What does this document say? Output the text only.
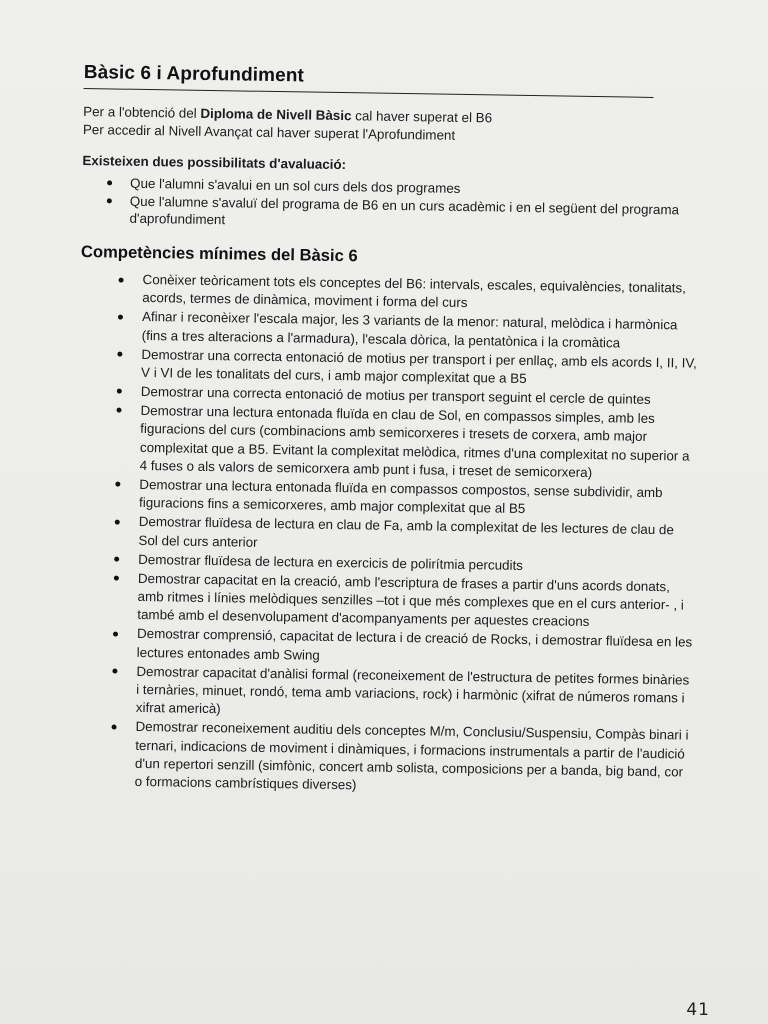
Bàsic 6 i Aprofundiment

Per a l'obtenció del Diploma de Nivell Bàsic cal haver superat el B6

Per accedir al Nivell Avançat cal haver superat l'Aprofundiment

Existeixen dues possibilitats d'avaluació:
Que l'alumni s'avalui en un sol curs dels dos programes
Que l'alumne s'avaluï del programa de B6 en un curs acadèmic i en el següent del programa d'aprofundiment
Competències mínimes del Bàsic 6
Conèixer teòricament tots els conceptes del B6: intervals, escales, equivalències, tonalitats, acords, termes de dinàmica, moviment i forma del curs
Afinar i reconèixer l'escala major, les 3 variants de la menor: natural, melòdica i harmònica (fins a tres alteracions a l'armadura), l'escala dòrica, la pentatònica i la cromàtica
Demostrar una correcta entonació de motius per transport i per enllaç, amb els acords I, II, IV, V i VI de les tonalitats del curs, i amb major complexitat que a B5
Demostrar una correcta entonació de motius per transport seguint el cercle de quintes
Demostrar una lectura entonada fluïda en clau de Sol, en compassos simples, amb les figuracions del curs (combinacions amb semicorxeres i tresets de corxera, amb major complexitat que a B5. Evitant la complexitat melòdica, ritmes d'una complexitat no superior a 4 fuses o als valors de semicorxera amb punt i fusa, i treset de semicorxera)
Demostrar una lectura entonada fluïda en compassos compostos, sense subdividir, amb figuracions fins a semicorxeres, amb major complexitat que al B5
Demostrar fluïdesa de lectura en clau de Fa, amb la complexitat de les lectures de clau de Sol del curs anterior
Demostrar fluïdesa de lectura en exercicis de polirítmia percudits
Demostrar capacitat en la creació, amb l'escriptura de frases a partir d'uns acords donats, amb ritmes i línies melòdiques senzilles –tot i que més complexes que en el curs anterior- , i també amb el desenvolupament d'acompanyaments per aquestes creacions
Demostrar comprensió, capacitat de lectura i de creació de Rocks, i demostrar fluïdesa en les lectures entonades amb Swing
Demostrar capacitat d'anàlisi formal (reconeixement de l'estructura de petites formes binàries i ternàries, minuet, rondó, tema amb variacions, rock) i harmònic (xifrat de números romans i xifrat americà)
Demostrar reconeixement auditiu dels conceptes M/m, Conclusiu/Suspensiu, Compàs binari i ternari, indicacions de moviment i dinàmiques, i formacions instrumentals a partir de l'audició d'un repertori senzill (simfònic, concert amb solista, composicions per a banda, big band, cor o formacions cambrístiques diverses)
41
